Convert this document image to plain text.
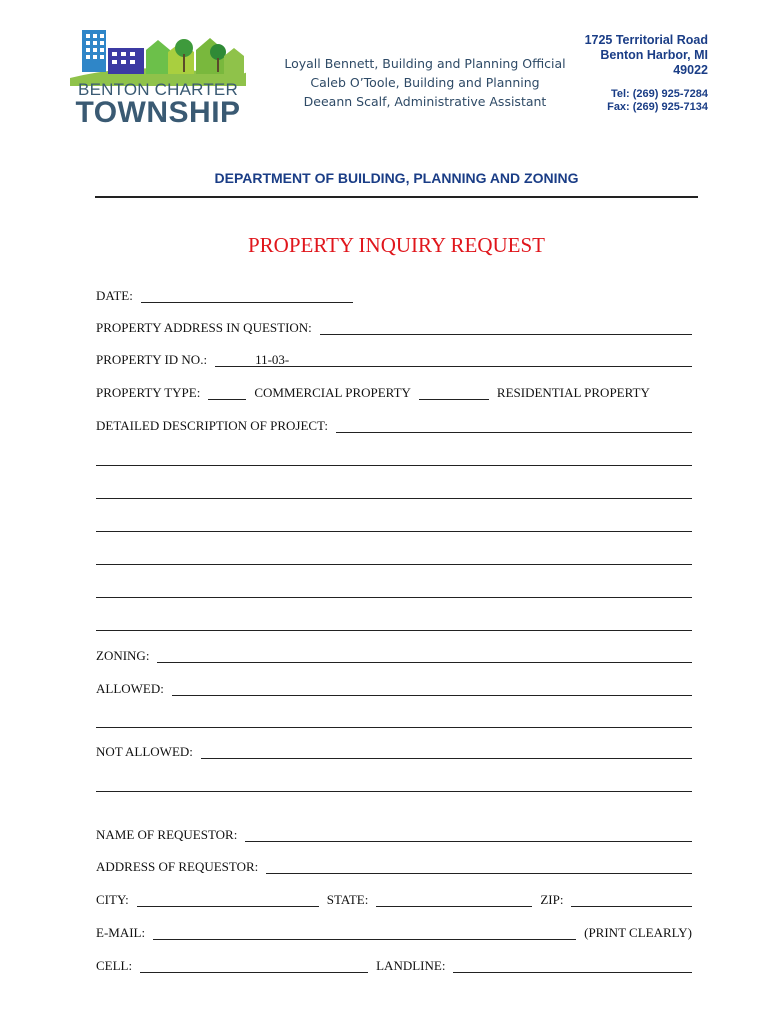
BENTON CHARTER
TOWNSHIP
Loyall Bennett, Building and Planning Official
Caleb O’Toole, Building and Planning
Deeann Scalf, Administrative Assistant
1725 Territorial Road
Benton Harbor, MI
49022
Tel: (269) 925-7284
Fax: (269) 925-7134
DEPARTMENT OF BUILDING, PLANNING AND ZONING
PROPERTY INQUIRY REQUEST
DATE:
PROPERTY ADDRESS IN QUESTION:
PROPERTY ID NO.:	11-03-
PROPERTY TYPE:	COMMERCIAL PROPERTY	RESIDENTIAL PROPERTY
DETAILED DESCRIPTION OF PROJECT:
ZONING:
ALLOWED:
NOT ALLOWED:
NAME OF REQUESTOR:
ADDRESS OF REQUESTOR:
CITY:	STATE:	ZIP:
E-MAIL:	(PRINT CLEARLY)
CELL:	LANDLINE:
